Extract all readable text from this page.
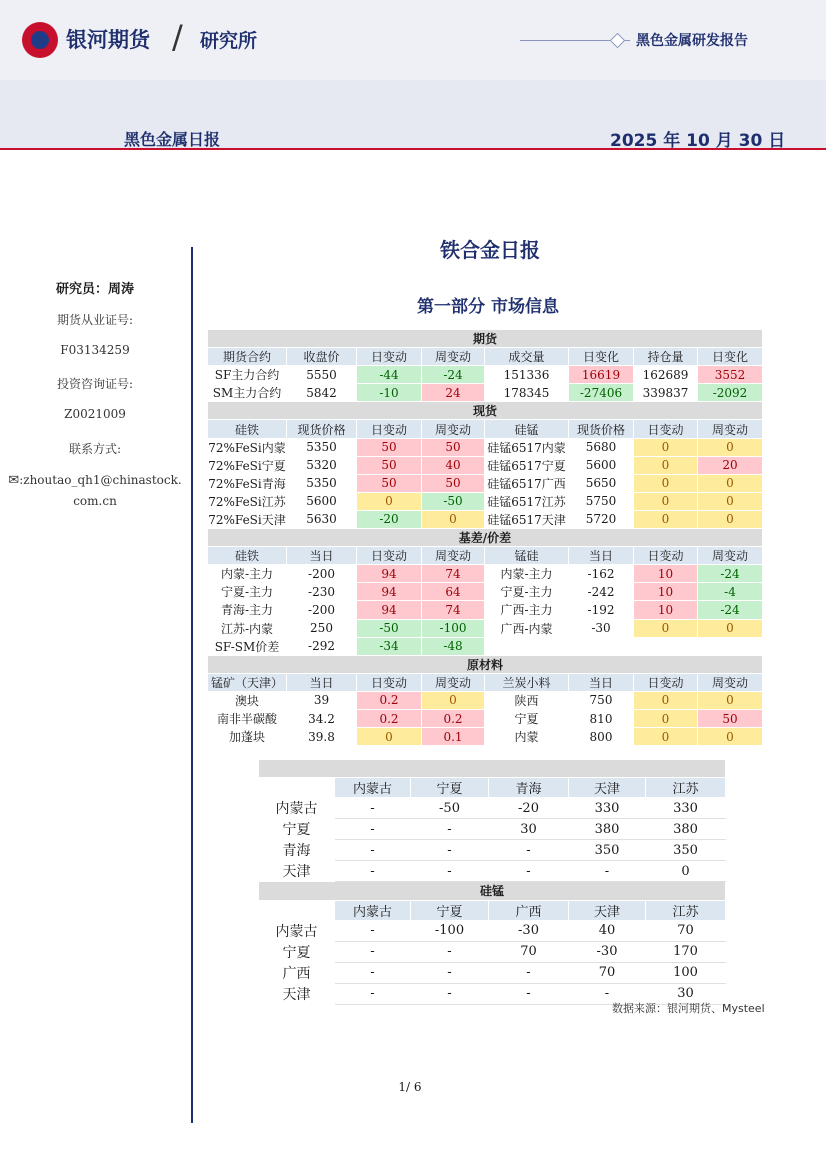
银河期货 / 研究所	黑色金属研发报告
黑色金属日报	2025 年 10 月 30 日
研究员：周涛
期货从业证号:
F03134259
投资咨询证号:
Z0021009
联系方式:
✉:zhoutao_qh1@chinastock.
com.cn
铁合金日报
第一部分 市场信息
期货							
期货合约	收盘价	日变动	周变动	成交量	日变化	持仓量	日变化
SF主力合约	5550	-44	-24	151336	16619	162689	3552
SM主力合约	5842	-10	24	178345	-27406	339837	-2092
现货							
硅铁	现货价格	日变动	周变动	硅锰	现货价格	日变动	周变动
72%FeSi内蒙	5350	50	50	硅锰6517内蒙	5680	0	0
72%FeSi宁夏	5320	50	40	硅锰6517宁夏	5600	0	20
72%FeSi青海	5350	50	50	硅锰6517广西	5650	0	0
72%FeSi江苏	5600	0	-50	硅锰6517江苏	5750	0	0
72%FeSi天津	5630	-20	0	硅锰6517天津	5720	0	0
基差/价差							
硅铁	当日	日变动	周变动	锰硅	当日	日变动	周变动
内蒙-主力	-200	94	74	内蒙-主力	-162	10	-24
宁夏-主力	-230	94	64	宁夏-主力	-242	10	-4
青海-主力	-200	94	74	广西-主力	-192	10	-24
江苏-内蒙	250	-50	-100	广西-内蒙	-30	0	0
SF-SM价差	-292	-34	-48				
原材料							
锰矿（天津）	当日	日变动	周变动	兰炭小料	当日	日变动	周变动
澳块	39	0.2	0	陕西	750	0	0
南非半碳酸	34.2	0.2	0.2	宁夏	810	0	50
加蓬块	39.8	0	0.1	内蒙	800	0	0

	内蒙古	宁夏	青海	天津	江苏
内蒙古	-	-50	-20	330	330
宁夏	-	-	30	380	380
青海	-	-	-	350	350
天津	-	-	-	-	0
硅锰					
	内蒙古	宁夏	广西	天津	江苏
内蒙古	-	-100	-30	40	70
宁夏	-	-	70	-30	170
广西	-	-	-	70	100
天津	-	-	-	-	30
数据来源：银河期货、Mysteel
1/ 6
